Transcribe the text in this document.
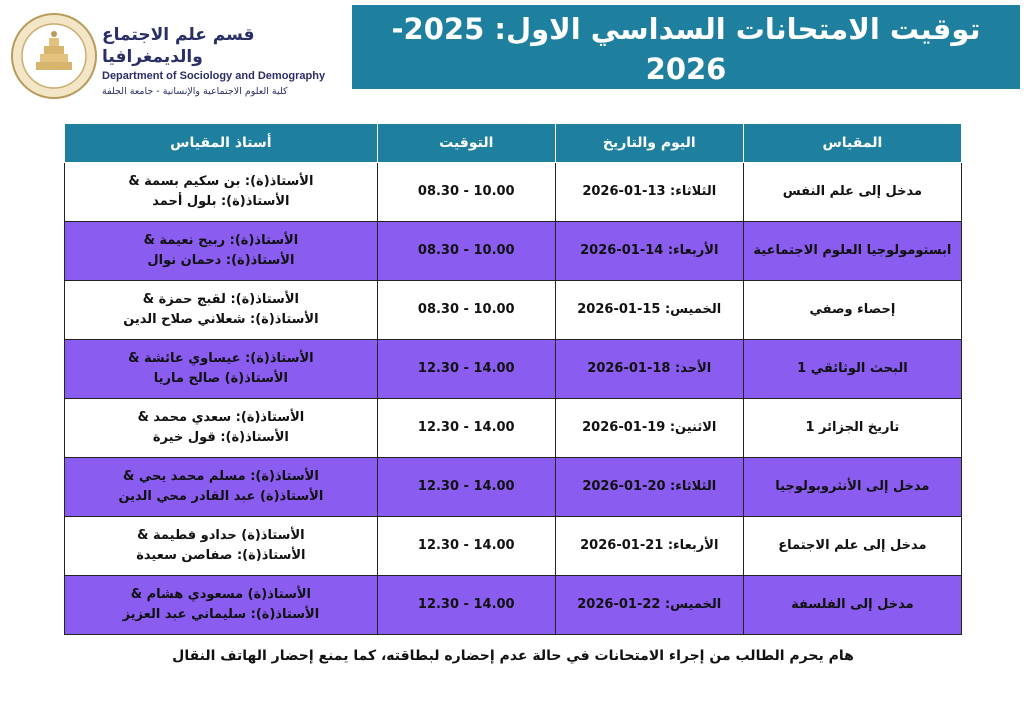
قسم علم الاجتماع والديمغرافيا
Department of Sociology and Demography
كلية العلوم الاجتماعية والإنسانية - جامعة الجلفة
توقيت الامتحانات السداسي الاول: 2025-2026
المستوى: سنة أولى علوم اجتماعية (L1)
المقياس	اليوم والتاريخ	التوقيت	أستاذ المقياس
مدخل إلى علم النفس	الثلاثاء: 13-01-2026	08.30 - 10.00	الأستاذ(ة): بن سكيم بسمة &
الأستاذ(ة): بلول أحمد

ابستومولوجيا العلوم الاجتماعية	الأربعاء: 14-01-2026	08.30 - 10.00	الأستاذ(ة): ربيح نعيمة &
الأستاذ(ة): دحمان نوال

إحصاء وصفي	الخميس: 15-01-2026	08.30 - 10.00	الأستاذ(ة): لقبج حمزة &
الأستاذ(ة): شعلاني صلاح الدين

البحث الوثائقي 1	الأحد: 18-01-2026	12.30 - 14.00	الأستاذ(ة): عيساوي عائشة &
الأستاذ(ة) صالح ماريا

تاريخ الجزائر 1	الاثنين: 19-01-2026	12.30 - 14.00	الأستاذ(ة): سعدي محمد &
الأستاذ(ة): قول خيرة

مدخل إلى الأنثروبولوجيا	الثلاثاء: 20-01-2026	12.30 - 14.00	الأستاذ(ة): مسلم محمد يحي &
الأستاذ(ة) عبد القادر محي الدين

مدخل إلى علم الاجتماع	الأربعاء: 21-01-2026	12.30 - 14.00	الأستاذ(ة) حدادو فطيمة &
الأستاذ(ة): صفاصن سعيدة

مدخل إلى الفلسفة	الخميس: 22-01-2026	12.30 - 14.00	الأستاذ(ة) مسعودي هشام &
الأستاذ(ة): سليماني عبد العزيز
هام يحرم الطالب من إجراء الامتحانات في حالة عدم إحضاره لبطاقته، كما يمنع إحضار الهاتف النقال
